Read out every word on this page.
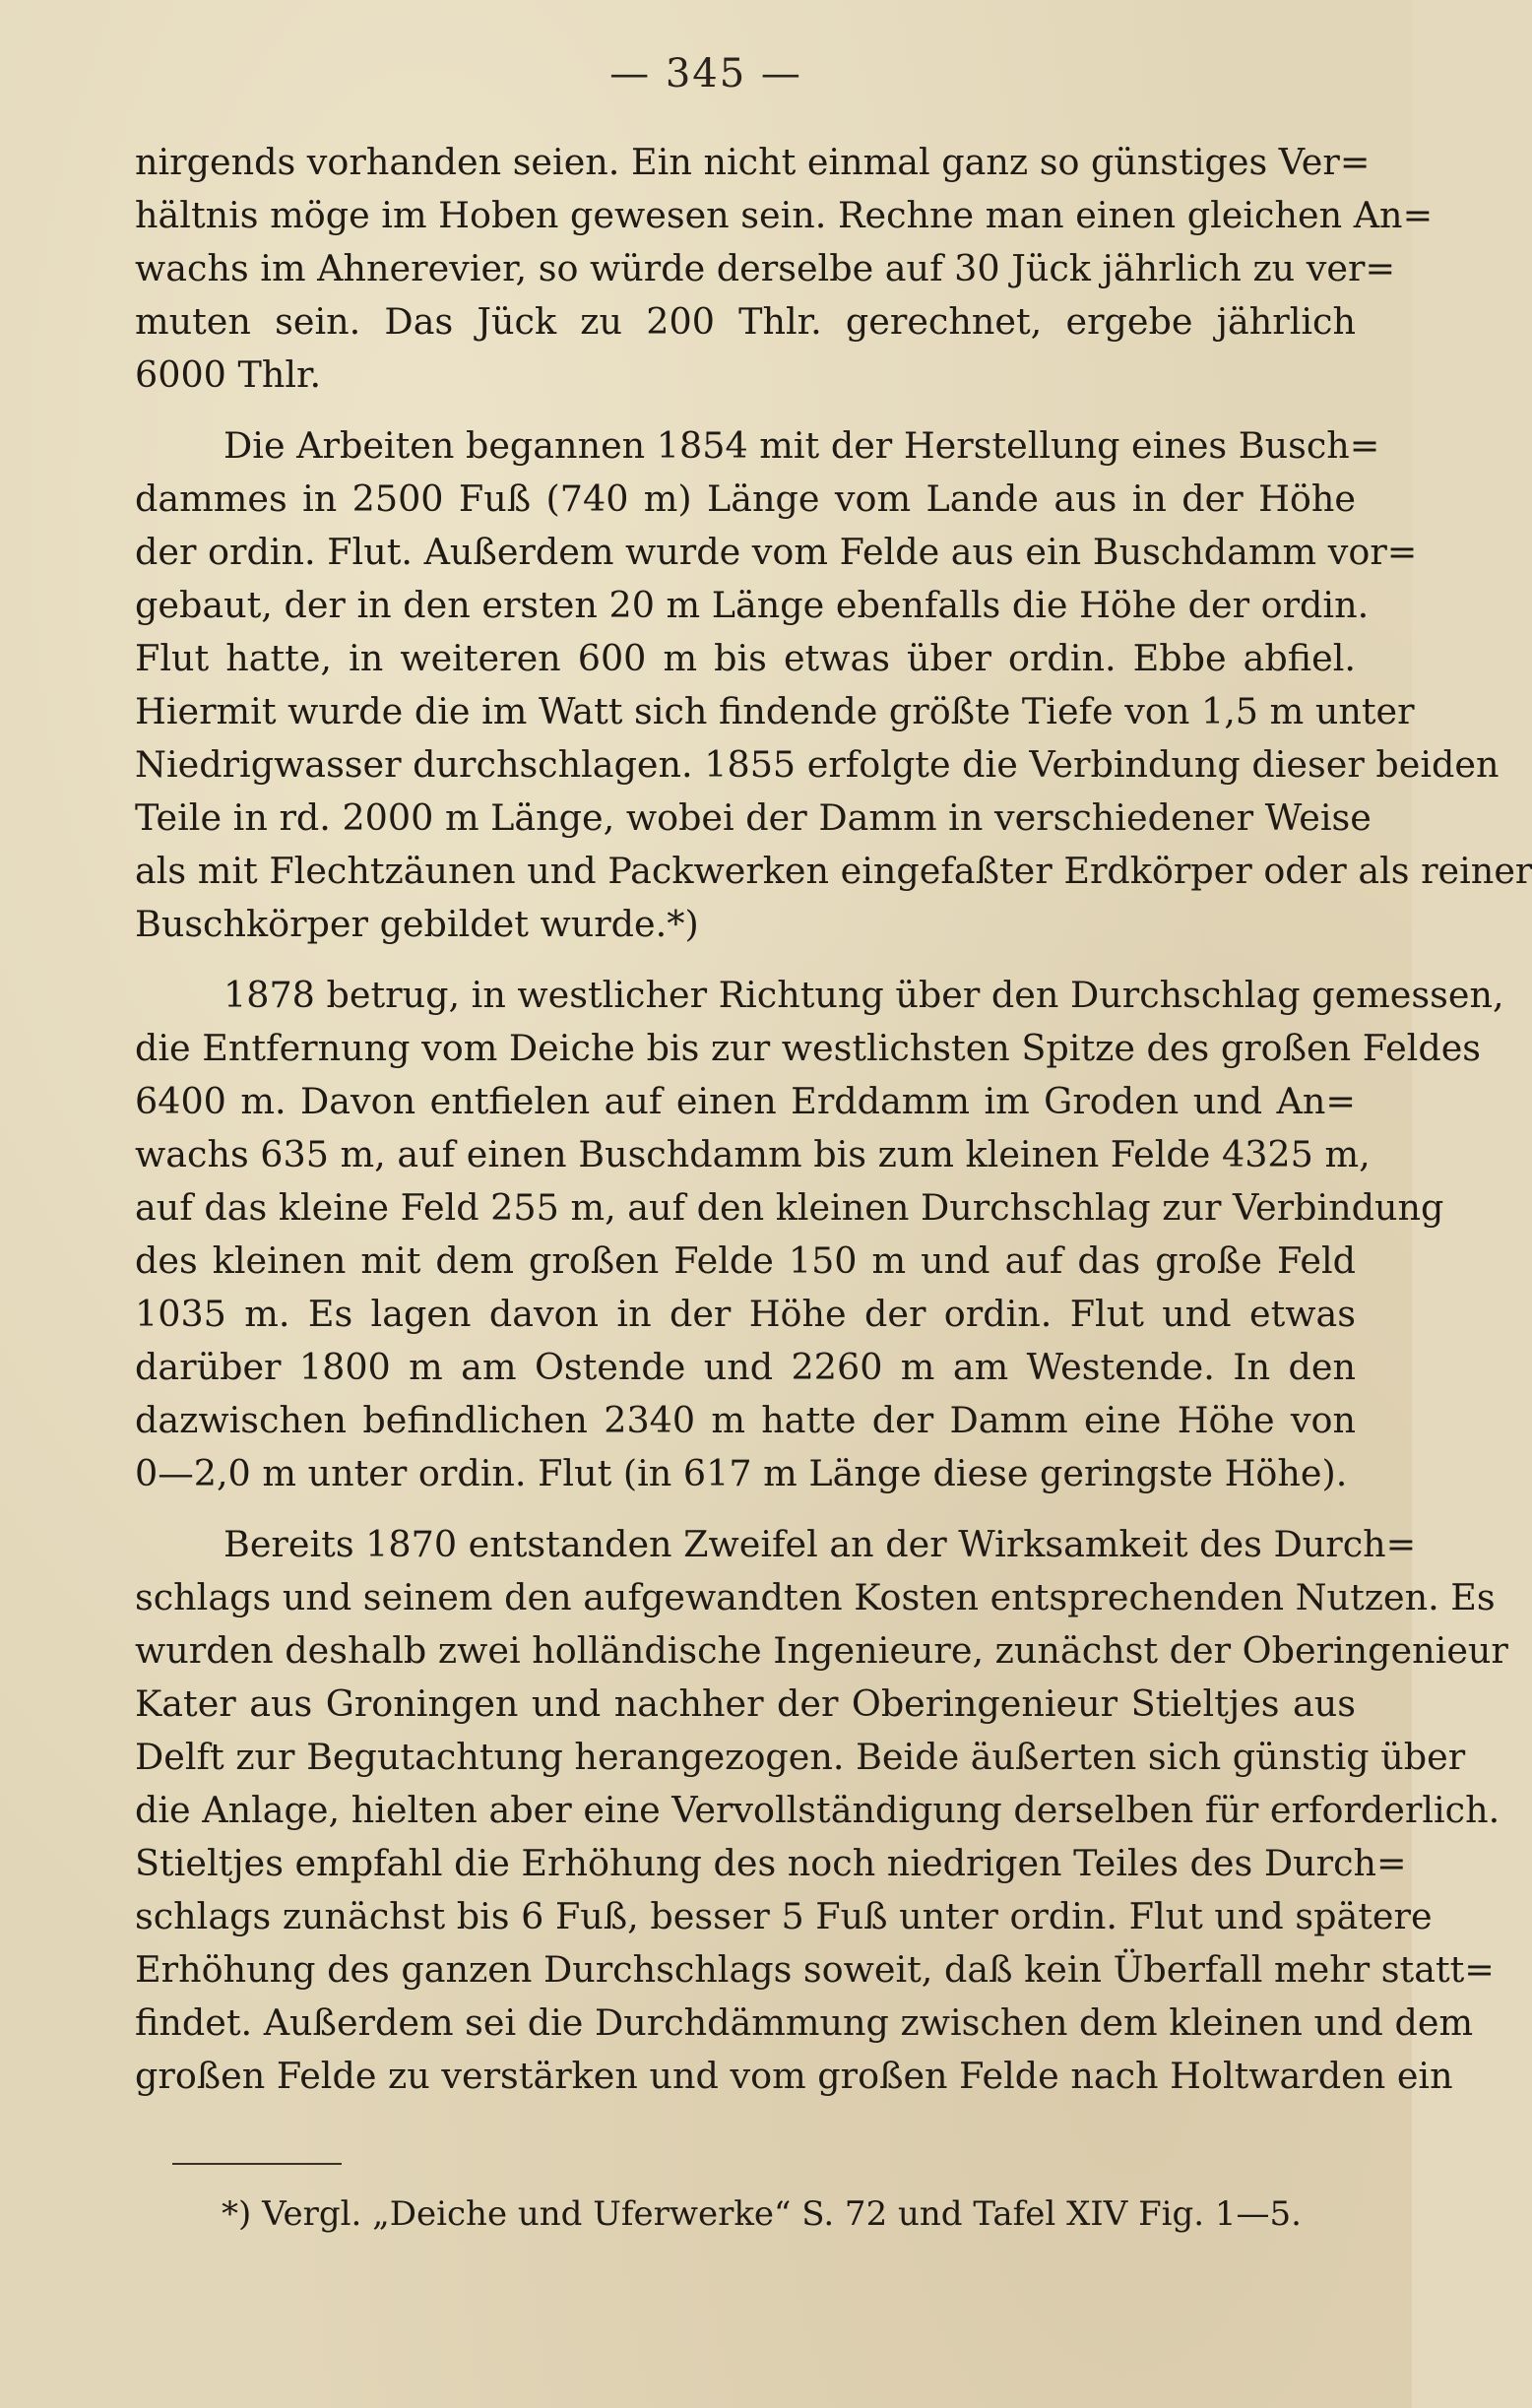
— 345 —
nirgends vorhanden seien. Ein nicht einmal ganz so günstiges Ver=
hältnis möge im Hoben gewesen sein. Rechne man einen gleichen An=
wachs im Ahnerevier, so würde derselbe auf 30 Jück jährlich zu ver=
muten sein. Das Jück zu 200 Thlr. gerechnet, ergebe jährlich
6000 Thlr.
Die Arbeiten begannen 1854 mit der Herstellung eines Busch=
dammes in 2500 Fuß (740 m) Länge vom Lande aus in der Höhe
der ordin. Flut. Außerdem wurde vom Felde aus ein Buschdamm vor=
gebaut, der in den ersten 20 m Länge ebenfalls die Höhe der ordin.
Flut hatte, in weiteren 600 m bis etwas über ordin. Ebbe abfiel.
Hiermit wurde die im Watt sich findende größte Tiefe von 1,5 m unter
Niedrigwasser durchschlagen. 1855 erfolgte die Verbindung dieser beiden
Teile in rd. 2000 m Länge, wobei der Damm in verschiedener Weise
als mit Flechtzäunen und Packwerken eingefaßter Erdkörper oder als reiner
Buschkörper gebildet wurde.*)
1878 betrug, in westlicher Richtung über den Durchschlag gemessen,
die Entfernung vom Deiche bis zur westlichsten Spitze des großen Feldes
6400 m. Davon entfielen auf einen Erddamm im Groden und An=
wachs 635 m, auf einen Buschdamm bis zum kleinen Felde 4325 m,
auf das kleine Feld 255 m, auf den kleinen Durchschlag zur Verbindung
des kleinen mit dem großen Felde 150 m und auf das große Feld
1035 m. Es lagen davon in der Höhe der ordin. Flut und etwas
darüber 1800 m am Ostende und 2260 m am Westende. In den
dazwischen befindlichen 2340 m hatte der Damm eine Höhe von
0—2,0 m unter ordin. Flut (in 617 m Länge diese geringste Höhe).
Bereits 1870 entstanden Zweifel an der Wirksamkeit des Durch=
schlags und seinem den aufgewandten Kosten entsprechenden Nutzen. Es
wurden deshalb zwei holländische Ingenieure, zunächst der Oberingenieur
Kater aus Groningen und nachher der Oberingenieur Stieltjes aus
Delft zur Begutachtung herangezogen. Beide äußerten sich günstig über
die Anlage, hielten aber eine Vervollständigung derselben für erforderlich.
Stieltjes empfahl die Erhöhung des noch niedrigen Teiles des Durch=
schlags zunächst bis 6 Fuß, besser 5 Fuß unter ordin. Flut und spätere
Erhöhung des ganzen Durchschlags soweit, daß kein Überfall mehr statt=
findet. Außerdem sei die Durchdämmung zwischen dem kleinen und dem
großen Felde zu verstärken und vom großen Felde nach Holtwarden ein
*) Vergl. „Deiche und Uferwerke“ S. 72 und Tafel XIV Fig. 1—5.
